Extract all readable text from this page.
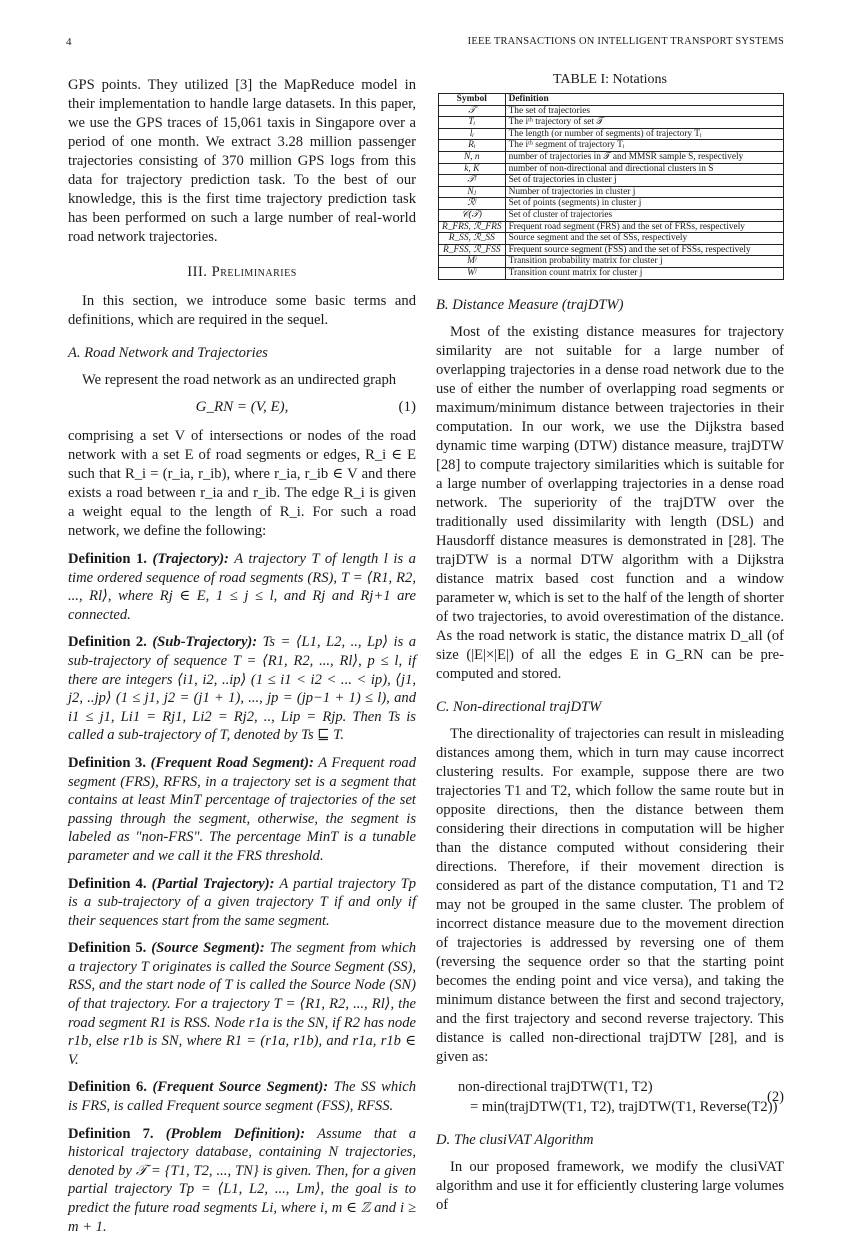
4	IEEE TRANSACTIONS ON INTELLIGENT TRANSPORT SYSTEMS

GPS points. They utilized [3] the MapReduce model in their implementation to handle large datasets. In this paper, we use the GPS traces of 15,061 taxis in Singapore over a period of one month. We extract 3.28 million passenger trajectories consisting of 370 million GPS logs from this data for trajectory prediction task. To the best of our knowledge, this is the first time trajectory prediction task has been performed on such a large number of real-world road network trajectories.

III. Preliminaries

In this section, we introduce some basic terms and definitions, which are required in the sequel.

A. Road Network and Trajectories

We represent the road network as an undirected graph

G_RN = (V, E),	(1)

comprising a set V of intersections or nodes of the road network with a set E of road segments or edges, R_i ∈ E such that R_i = (r_ia, r_ib), where r_ia, r_ib ∈ V and there exists a road between r_ia and r_ib. The edge R_i is given a weight equal to the length of R_i. For such a road network, we define the following:

Definition 1. (Trajectory): A trajectory T of length l is a time ordered sequence of road segments (RS), T = ⟨R1, R2, ..., Rl⟩, where Rj ∈ E, 1 ≤ j ≤ l, and Rj and Rj+1 are connected.

Definition 2. (Sub-Trajectory): Ts = ⟨L1, L2, .., Lp⟩ is a sub-trajectory of sequence T = ⟨R1, R2, ..., Rl⟩, p ≤ l, if there are integers ⟨i1, i2, ..ip⟩ (1 ≤ i1 < i2 < ... < ip), ⟨j1, j2, ..jp⟩ (1 ≤ j1, j2 = (j1 + 1), ..., jp = (jp−1 + 1) ≤ l), and i1 ≤ j1, Li1 = Rj1, Li2 = Rj2, .., Lip = Rjp. Then Ts is called a sub-trajectory of T, denoted by Ts ⊑ T.

Definition 3. (Frequent Road Segment): A Frequent road segment (FRS), RFRS, in a trajectory set is a segment that contains at least MinT percentage of trajectories of the set passing through the segment, otherwise, the segment is labeled as "non-FRS". The percentage MinT is a tunable parameter and we call it the FRS threshold.

Definition 4. (Partial Trajectory): A partial trajectory Tp is a sub-trajectory of a given trajectory T if and only if their sequences start from the same segment.

Definition 5. (Source Segment): The segment from which a trajectory T originates is called the Source Segment (SS), RSS, and the start node of T is called the Source Node (SN) of that trajectory. For a trajectory T = ⟨R1, R2, ..., Rl⟩, the road segment R1 is RSS. Node r1a is the SN, if R2 has node r1b, else r1b is SN, where R1 = (r1a, r1b), and r1a, r1b ∈ V.

Definition 6. (Frequent Source Segment): The SS which is FRS, is called Frequent source segment (FSS), RFSS.

Definition 7. (Problem Definition): Assume that a historical trajectory database, containing N trajectories, denoted by 𝒯 = {T1, T2, ..., TN} is given. Then, for a given partial trajectory Tp = ⟨L1, L2, ..., Lm⟩, the goal is to predict the future road segments Li, where i, m ∈ ℤ and i ≥ m + 1.

TABLE I: Notations
Symbol	Definition
𝒯	The set of trajectories
Tᵢ	The iᵗʰ trajectory of set 𝒯
lᵢ	The length (or number of segments) of trajectory Tᵢ
Rᵢ	The iᵗʰ segment of trajectory Tᵢ
N, n	number of trajectories in 𝒯 and MMSR sample S, respectively
k, K	number of non-directional and directional clusters in S
𝒯ʲ	Set of trajectories in cluster j
Nⱼ	Number of trajectories in cluster j
ℛʲ	Set of points (segments) in cluster j
𝒞(𝒯)	Set of cluster of trajectories
R_FRS, ℛ_FRS	Frequent road segment (FRS) and the set of FRSs, respectively
R_SS, ℛ_SS	Source segment and the set of SSs, respectively
R_FSS, ℛ_FSS	Frequent source segment (FSS) and the set of FSSs, respectively
Mʲ	Transition probability matrix for cluster j
Wʲ	Transition count matrix for cluster j
B. Distance Measure (trajDTW)

Most of the existing distance measures for trajectory similarity are not suitable for a large number of overlapping trajectories in a dense road network due to the use of either the number of overlapping road segments or maximum/minimum distance between trajectories in their computation. In our work, we use the Dijkstra based dynamic time warping (DTW) distance measure, trajDTW [28] to compute trajectory similarities which is suitable for a large number of overlapping trajectories in a dense road network. The superiority of the trajDTW over the traditionally used dissimilarity with length (DSL) and Hausdorff distance measures is demonstrated in [28]. The trajDTW is a normal DTW algorithm with a Dijkstra distance matrix based cost function and a window parameter w, which is set to the half of the length of shorter of two trajectories, to avoid overestimation of the distance. As the road network is static, the distance matrix D_all (of size (|E|×|E|) of all the edges E in G_RN can be pre-computed and stored.

C. Non-directional trajDTW

The directionality of trajectories can result in misleading distances among them, which in turn may cause incorrect clustering results. For example, suppose there are two trajectories T1 and T2, which follow the same route but in opposite directions, then the distance between them considering their directions in computation will be higher than the distance computed without considering their directions. Therefore, if their movement direction is considered as part of the distance computation, T1 and T2 may not be grouped in the same cluster. The problem of incorrect distance measure due to the movement direction of trajectories is addressed by reversing one of them (reversing the sequence order so that the starting point becomes the ending point and vice versa), and taking the minimum distance between the first and second trajectory, and the first trajectory and second reverse trajectory. This distance is called non-directional trajDTW [28], and is given as:

non-directional trajDTW(T1, T2)
= min(trajDTW(T1, T2), trajDTW(T1, Reverse(T2))
(2)
D. The clusiVAT Algorithm

In our proposed framework, we modify the clusiVAT algorithm and use it for efficiently clustering large volumes of
